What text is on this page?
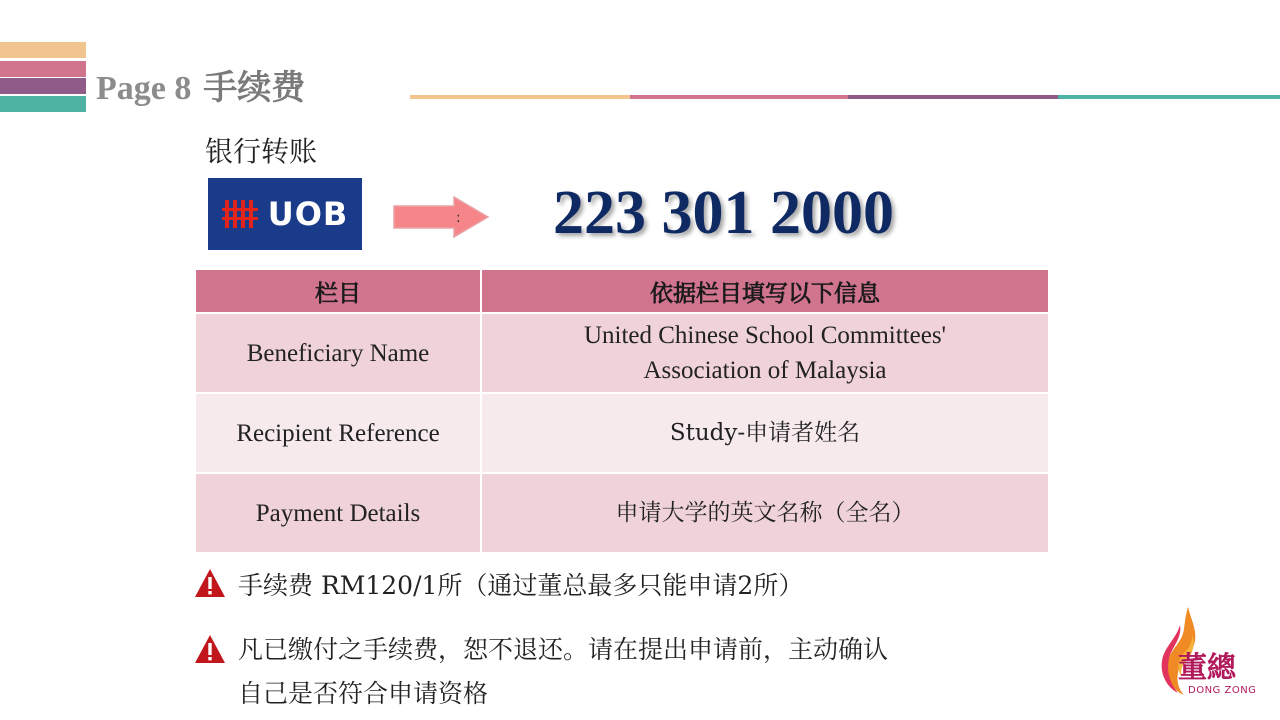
Page 8 手续费
银行转账
UOB	: 223 301 2000
栏目	依据栏目填写以下信息
Beneficiary Name	United Chinese School Committees'
Association of Malaysia

Recipient Reference	Study-申请者姓名

Payment Details	申请大学的英文名称（全名）
手续费 RM120/1所（通过董总最多只能申请2所）
凡已缴付之手续费，恕不退还。请在提出申请前，主动确认
自己是否符合申请资格
董總
DONG ZONG
